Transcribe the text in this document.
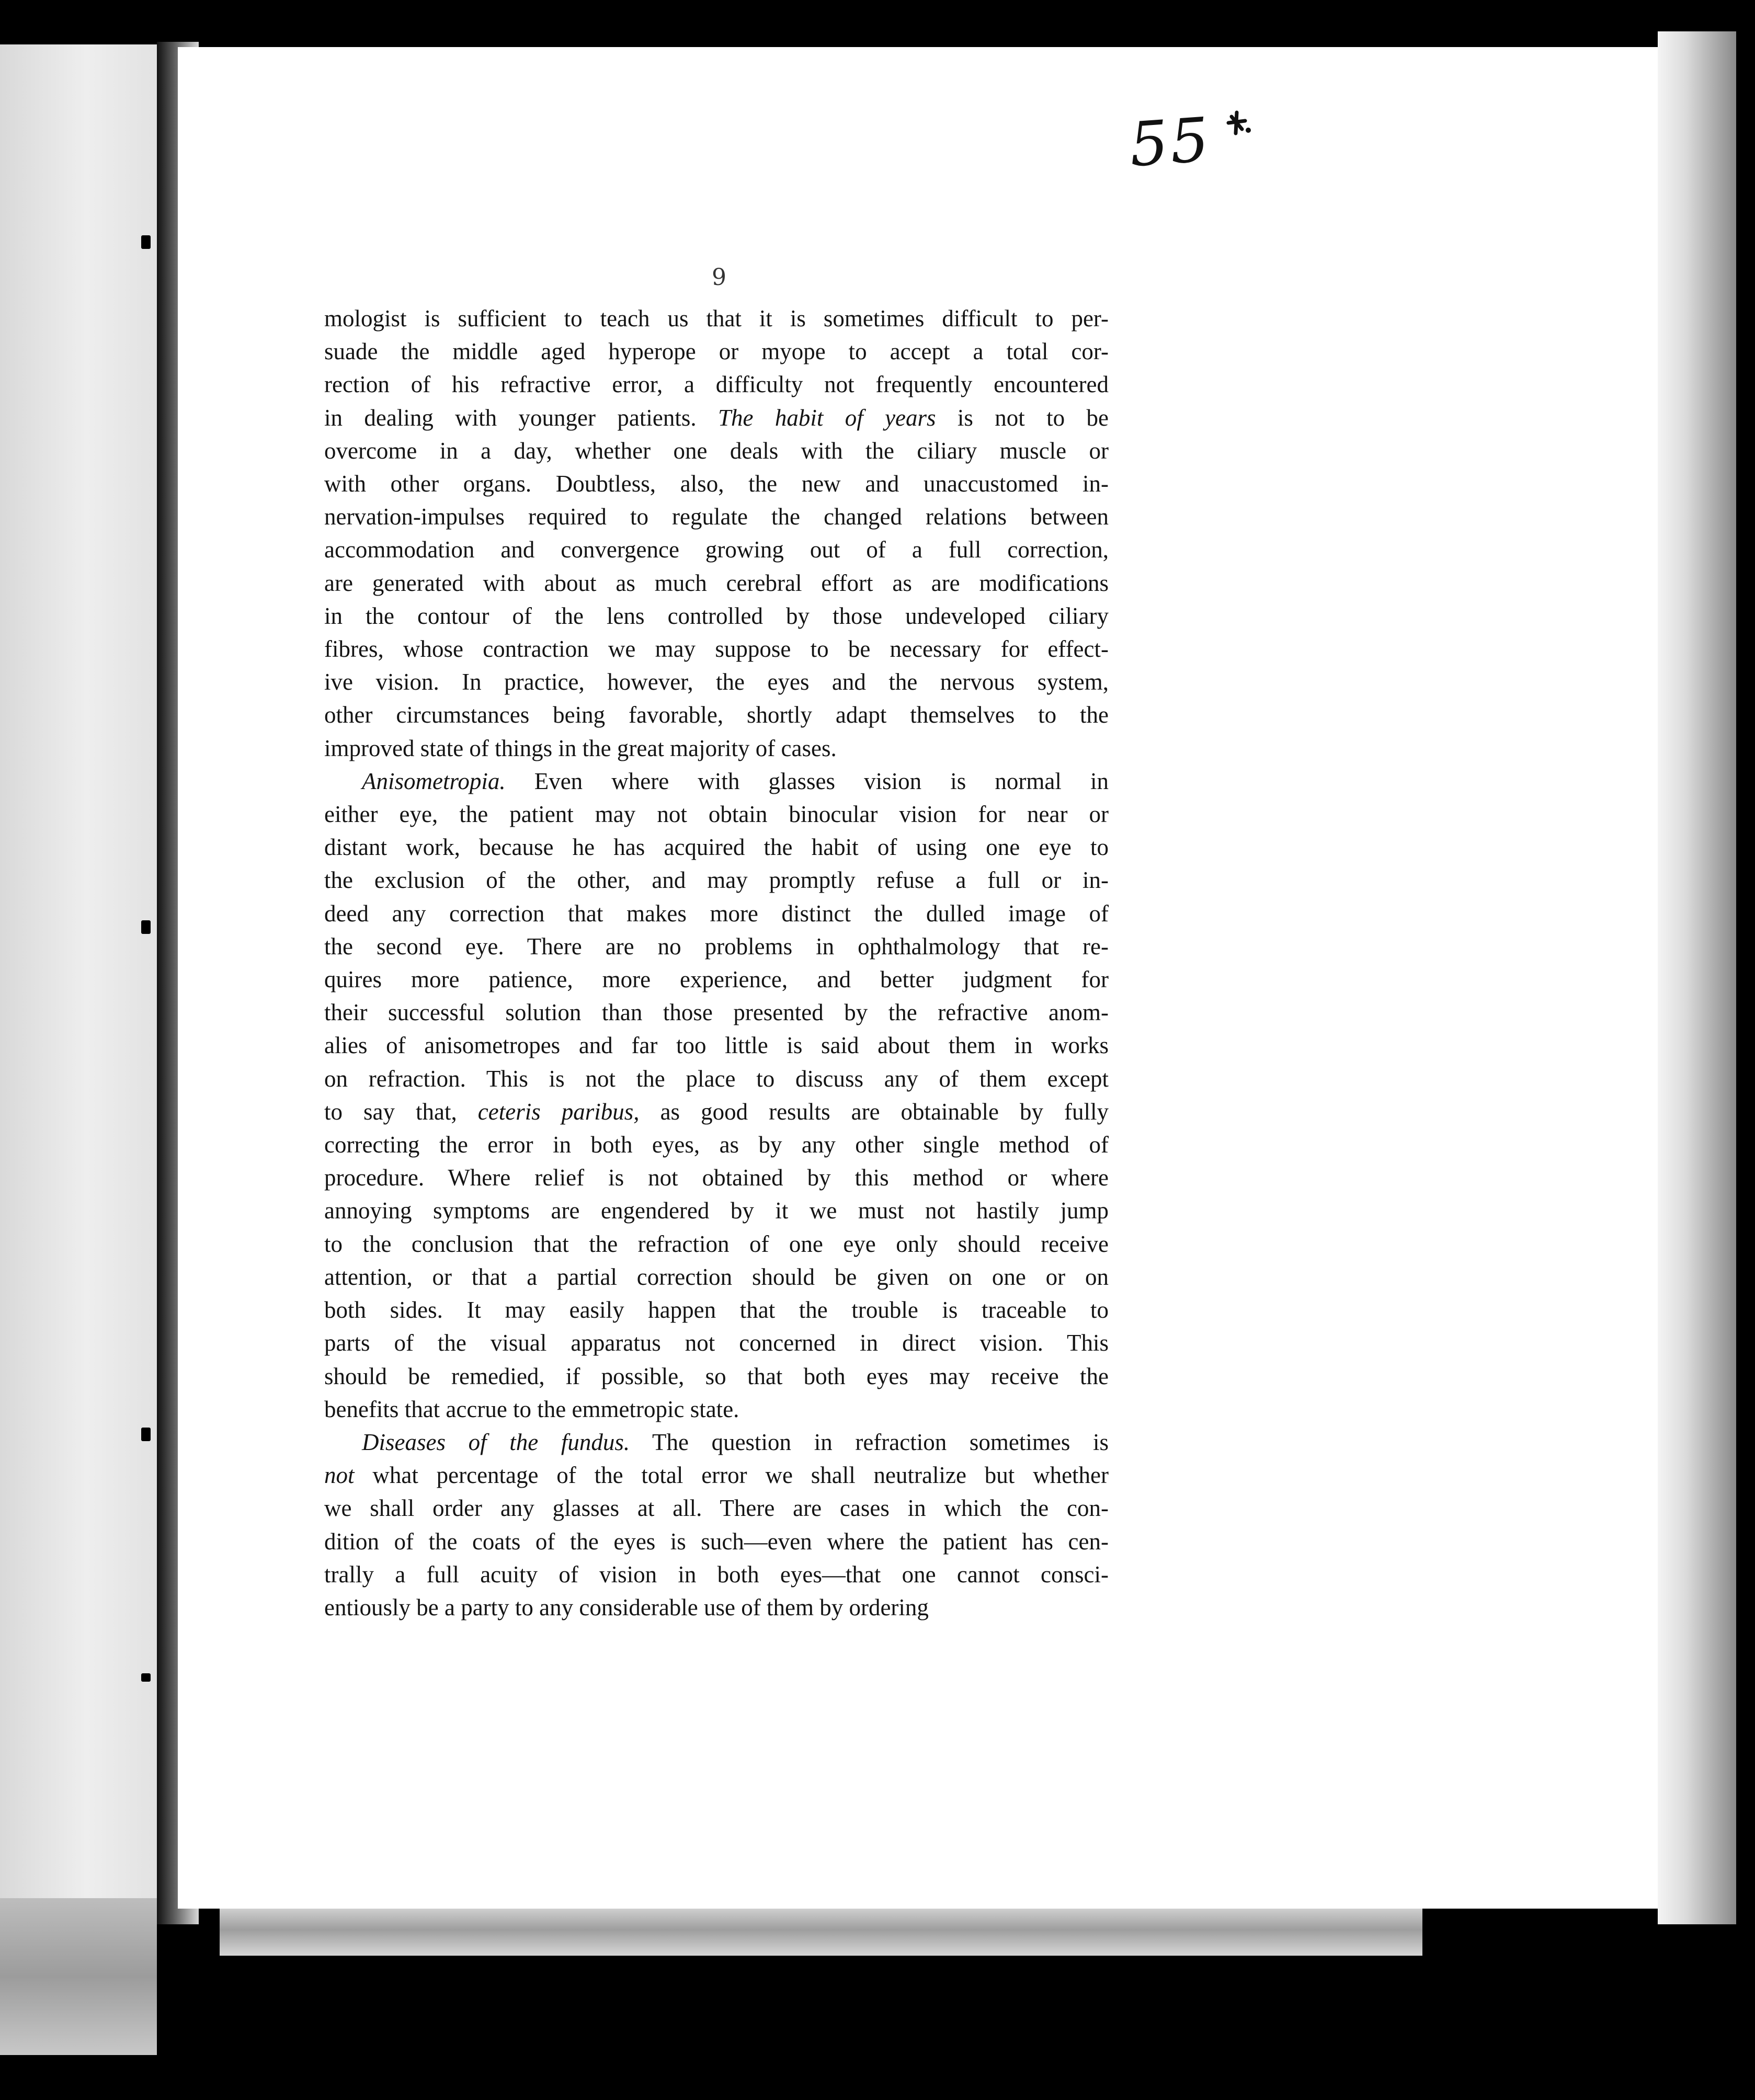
55
9

mologist is sufficient to teach us that it is sometimes difficult to per-

suade the middle aged hyperope or myope to accept a total cor-

rection of his refractive error, a difficulty not frequently encountered

in dealing with younger patients. The habit of years is not to be

overcome in a day, whether one deals with the ciliary muscle or

with other organs. Doubtless, also, the new and unaccustomed in-

nervation-impulses required to regulate the changed relations between

accommodation and convergence growing out of a full correction,

are generated with about as much cerebral effort as are modifications

in the contour of the lens controlled by those undeveloped ciliary

fibres, whose contraction we may suppose to be necessary for effect-

ive vision. In practice, however, the eyes and the nervous system,

other circumstances being favorable, shortly adapt themselves to the

improved state of things in the great majority of cases.

Anisometropia. Even where with glasses vision is normal in

either eye, the patient may not obtain binocular vision for near or

distant work, because he has acquired the habit of using one eye to

the exclusion of the other, and may promptly refuse a full or in-

deed any correction that makes more distinct the dulled image of

the second eye. There are no problems in ophthalmology that re-

quires more patience, more experience, and better judgment for

their successful solution than those presented by the refractive anom-

alies of anisometropes and far too little is said about them in works

on refraction. This is not the place to discuss any of them except

to say that, ceteris paribus, as good results are obtainable by fully

correcting the error in both eyes, as by any other single method of

procedure. Where relief is not obtained by this method or where

annoying symptoms are engendered by it we must not hastily jump

to the conclusion that the refraction of one eye only should receive

attention, or that a partial correction should be given on one or on

both sides. It may easily happen that the trouble is traceable to

parts of the visual apparatus not concerned in direct vision. This

should be remedied, if possible, so that both eyes may receive the

benefits that accrue to the emmetropic state.

Diseases of the fundus. The question in refraction sometimes is

not what percentage of the total error we shall neutralize but whether

we shall order any glasses at all. There are cases in which the con-

dition of the coats of the eyes is such—even where the patient has cen-

trally a full acuity of vision in both eyes—that one cannot consci-

entiously be a party to any considerable use of them by ordering
